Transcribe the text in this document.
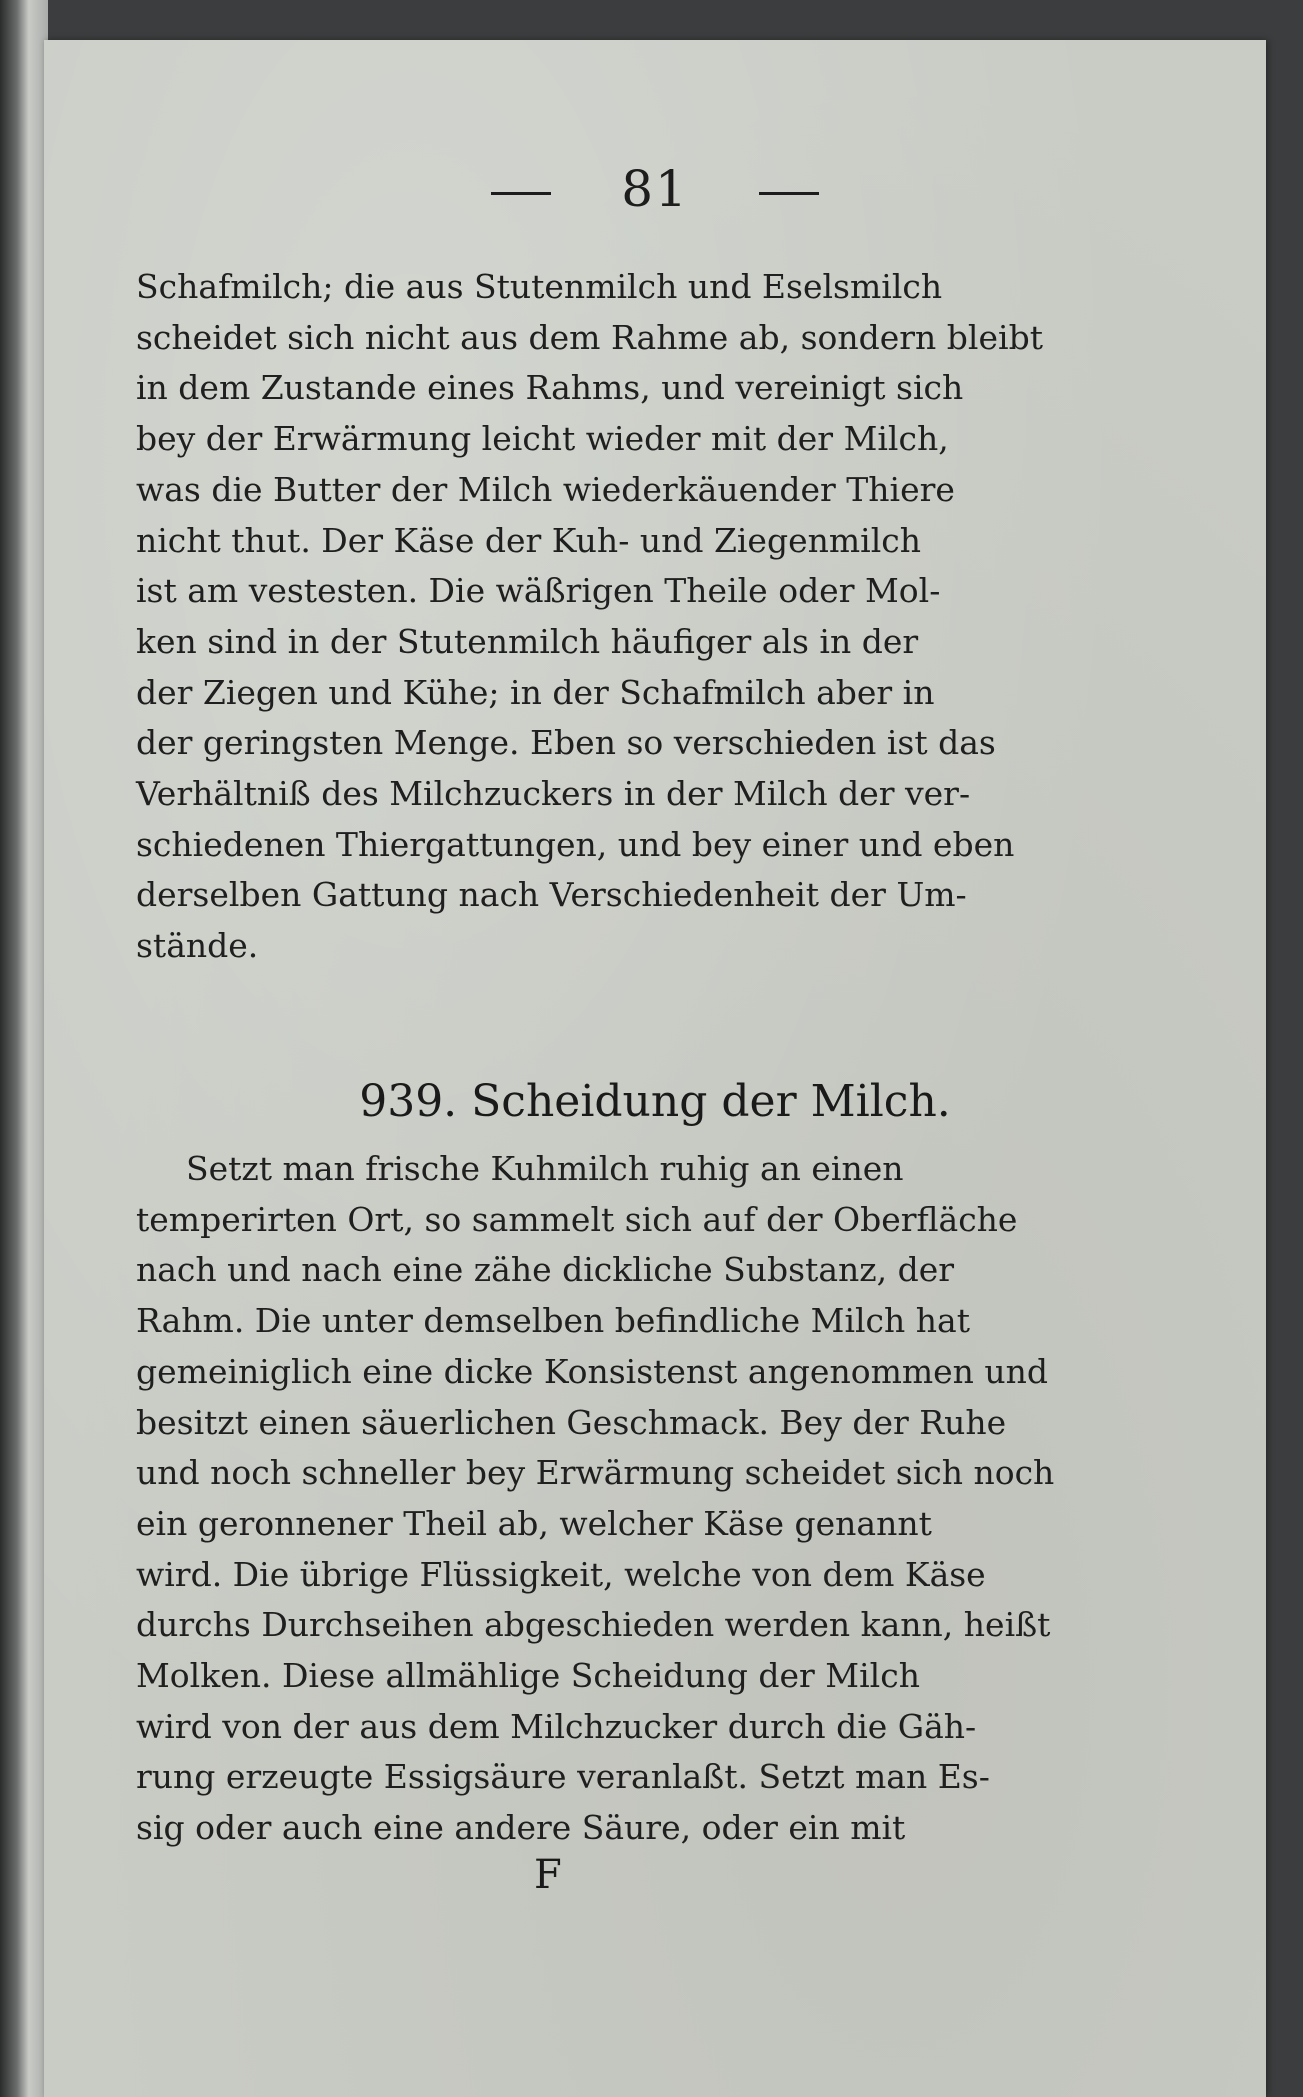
81
Schafmilch; die aus Stutenmilch und Eselsmilch
scheidet sich nicht aus dem Rahme ab, sondern bleibt
in dem Zustande eines Rahms, und vereinigt sich
bey der Erwärmung leicht wieder mit der Milch,
was die Butter der Milch wiederkäuender Thiere
nicht thut. Der Käse der Kuh- und Ziegenmilch
ist am vestesten. Die wäßrigen Theile oder Mol-
ken sind in der Stutenmilch häufiger als in der
der Ziegen und Kühe; in der Schafmilch aber in
der geringsten Menge. Eben so verschieden ist das
Verhältniß des Milchzuckers in der Milch der ver-
schiedenen Thiergattungen, und bey einer und eben
derselben Gattung nach Verschiedenheit der Um-
stände.
939. Scheidung der Milch.
Setzt man frische Kuhmilch ruhig an einen
temperirten Ort, so sammelt sich auf der Oberfläche
nach und nach eine zähe dickliche Substanz, der
Rahm. Die unter demselben befindliche Milch hat
gemeiniglich eine dicke Konsistenst angenommen und
besitzt einen säuerlichen Geschmack. Bey der Ruhe
und noch schneller bey Erwärmung scheidet sich noch
ein geronnener Theil ab, welcher Käse genannt
wird. Die übrige Flüssigkeit, welche von dem Käse
durchs Durchseihen abgeschieden werden kann, heißt
Molken. Diese allmählige Scheidung der Milch
wird von der aus dem Milchzucker durch die Gäh-
rung erzeugte Essigsäure veranlaßt. Setzt man Es-
sig oder auch eine andere Säure, oder ein mit
F
